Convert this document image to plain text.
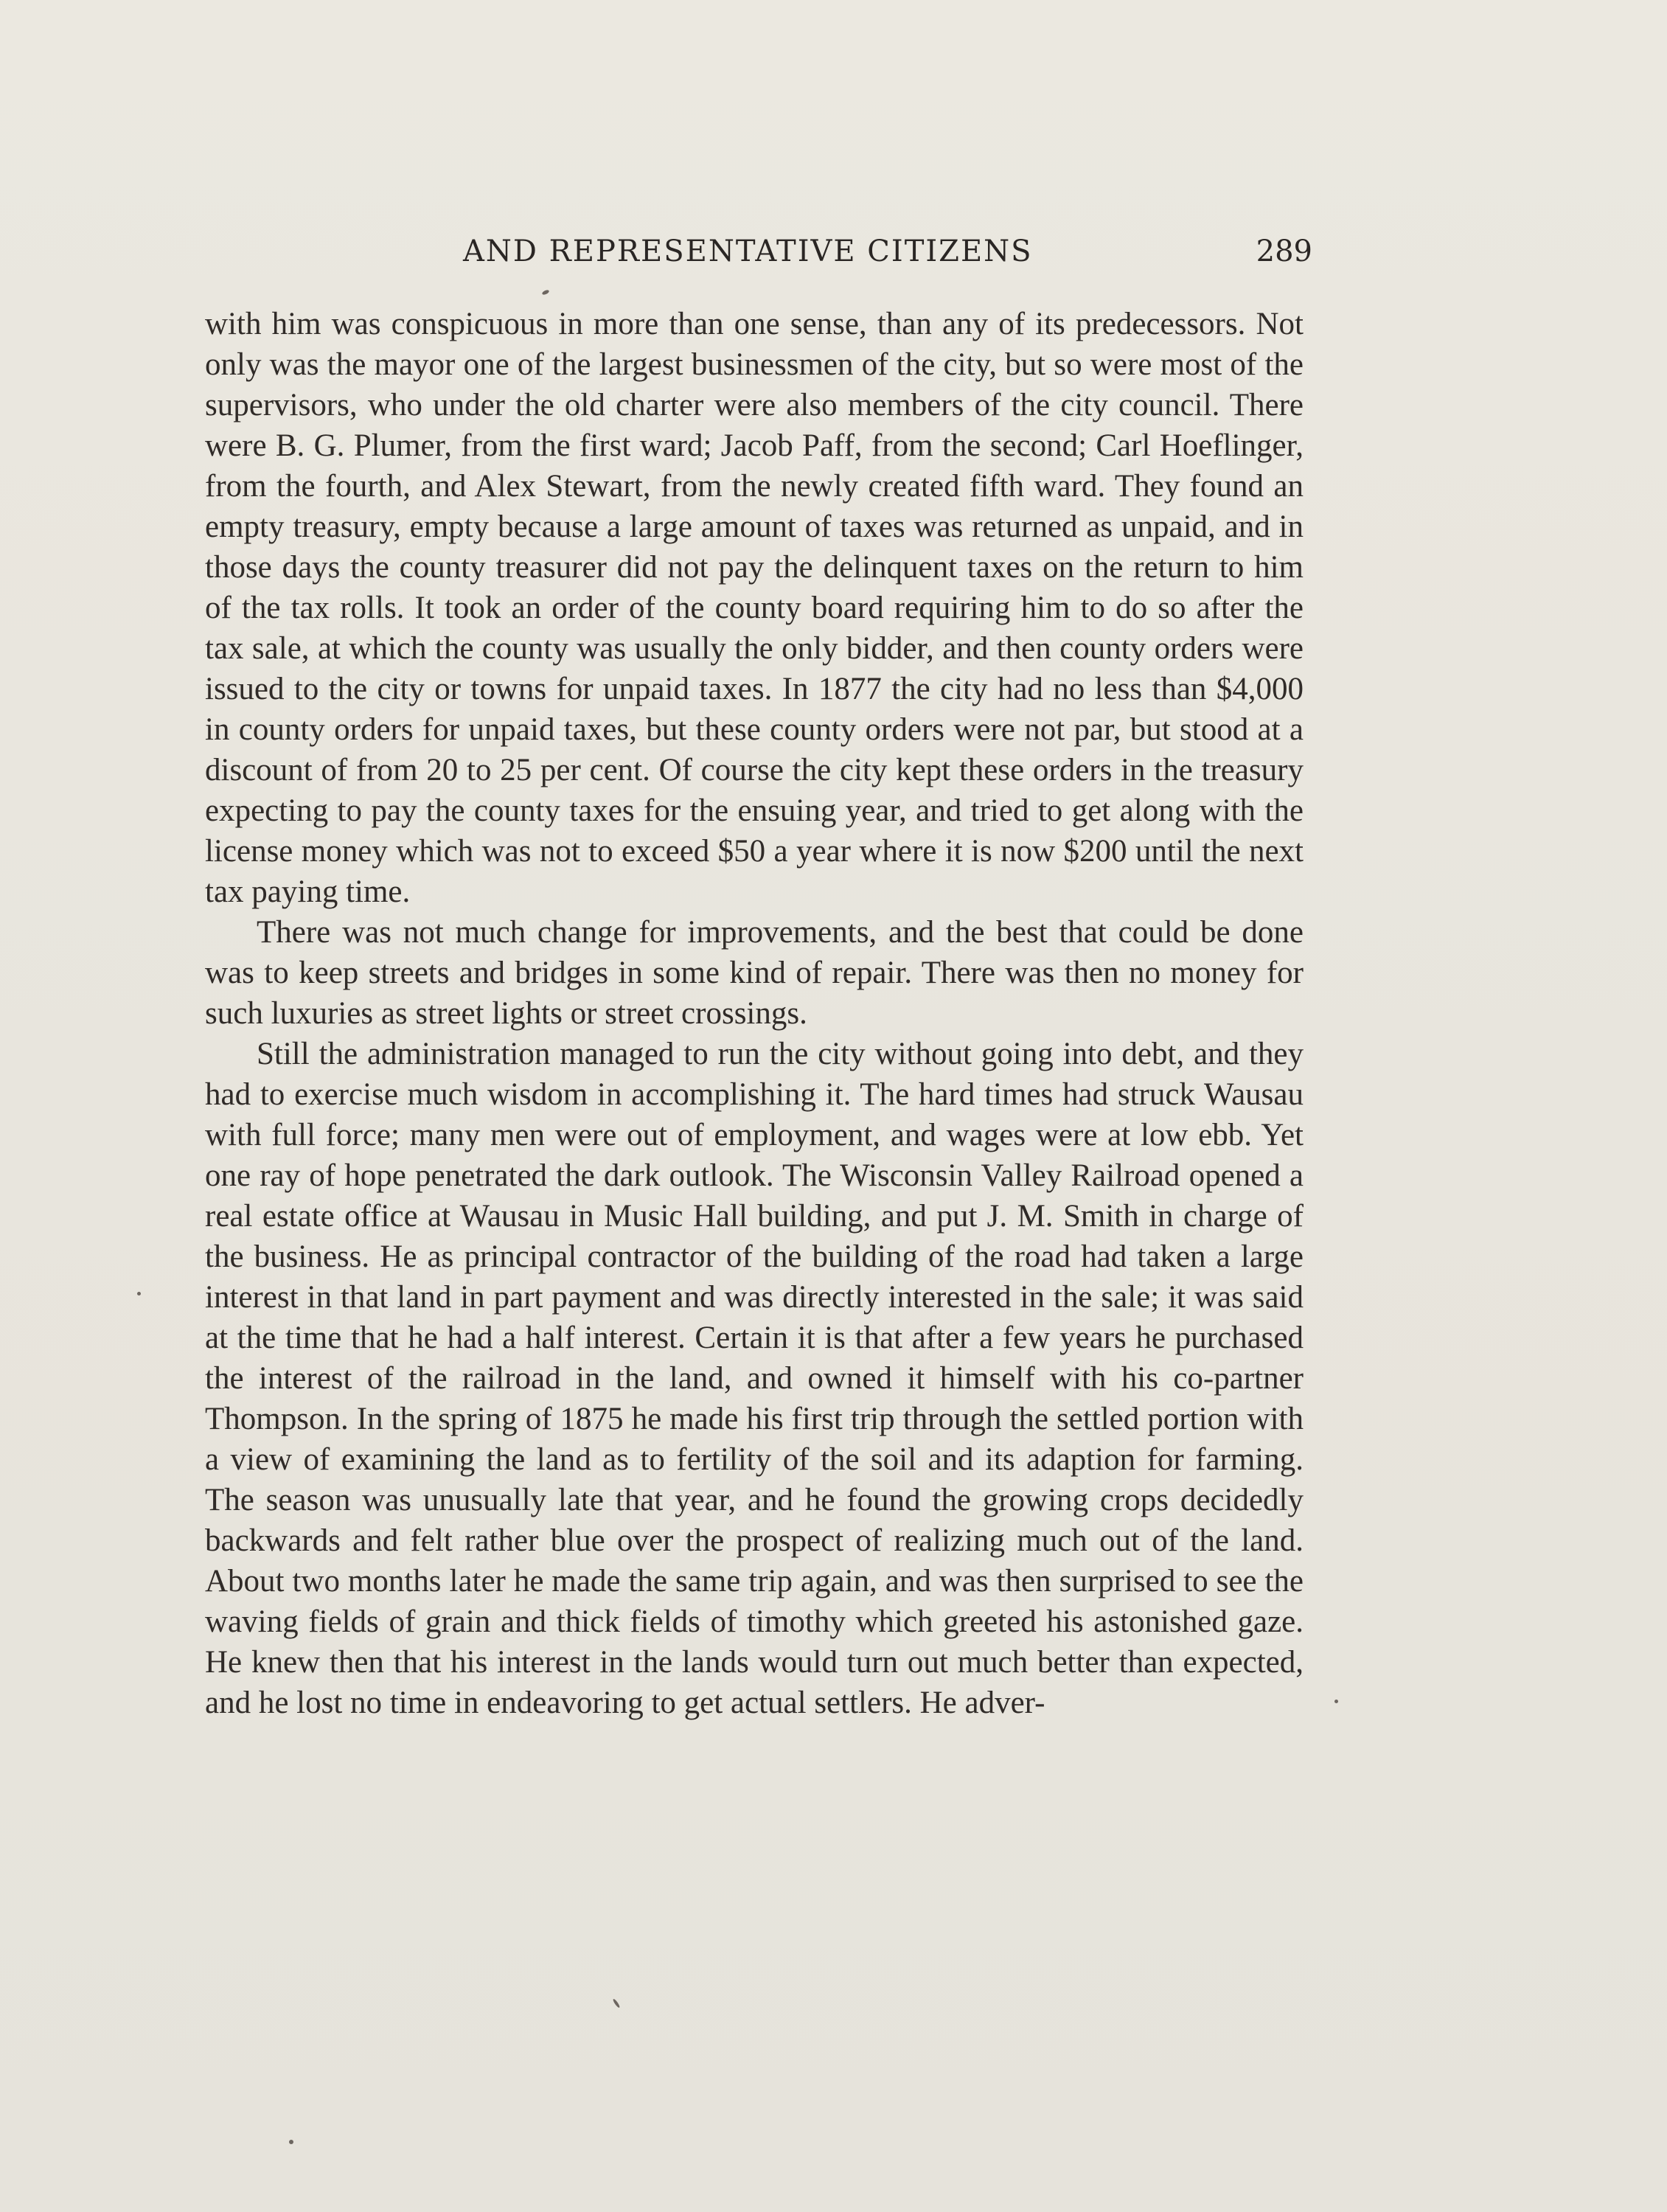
AND REPRESENTATIVE CITIZENS	289

with him was conspicuous in more than one sense, than any of its predecessors. Not only was the mayor one of the largest businessmen of the city, but so were most of the supervisors, who under the old charter were also members of the city council. There were B. G. Plumer, from the first ward; Jacob Paff, from the second; Carl Hoeflinger, from the fourth, and Alex Stewart, from the newly created fifth ward. They found an empty treasury, empty because a large amount of taxes was returned as unpaid, and in those days the county treasurer did not pay the delinquent taxes on the return to him of the tax rolls. It took an order of the county board requiring him to do so after the tax sale, at which the county was usually the only bidder, and then county orders were issued to the city or towns for unpaid taxes. In 1877 the city had no less than $4,000 in county orders for unpaid taxes, but these county orders were not par, but stood at a discount of from 20 to 25 per cent. Of course the city kept these orders in the treasury expecting to pay the county taxes for the ensuing year, and tried to get along with the license money which was not to exceed $50 a year where it is now $200 until the next tax paying time.

There was not much change for improvements, and the best that could be done was to keep streets and bridges in some kind of repair. There was then no money for such luxuries as street lights or street crossings.

Still the administration managed to run the city without going into debt, and they had to exercise much wisdom in accomplishing it. The hard times had struck Wausau with full force; many men were out of employment, and wages were at low ebb. Yet one ray of hope penetrated the dark outlook. The Wisconsin Valley Railroad opened a real estate office at Wausau in Music Hall building, and put J. M. Smith in charge of the business. He as principal contractor of the building of the road had taken a large interest in that land in part payment and was directly interested in the sale; it was said at the time that he had a half interest. Certain it is that after a few years he purchased the interest of the railroad in the land, and owned it himself with his co-partner Thompson. In the spring of 1875 he made his first trip through the settled portion with a view of examining the land as to fertility of the soil and its adaption for farming. The season was unusually late that year, and he found the growing crops decidedly backwards and felt rather blue over the prospect of realizing much out of the land. About two months later he made the same trip again, and was then surprised to see the waving fields of grain and thick fields of timothy which greeted his astonished gaze. He knew then that his interest in the lands would turn out much better than expected, and he lost no time in endeavoring to get actual settlers. He adver-
